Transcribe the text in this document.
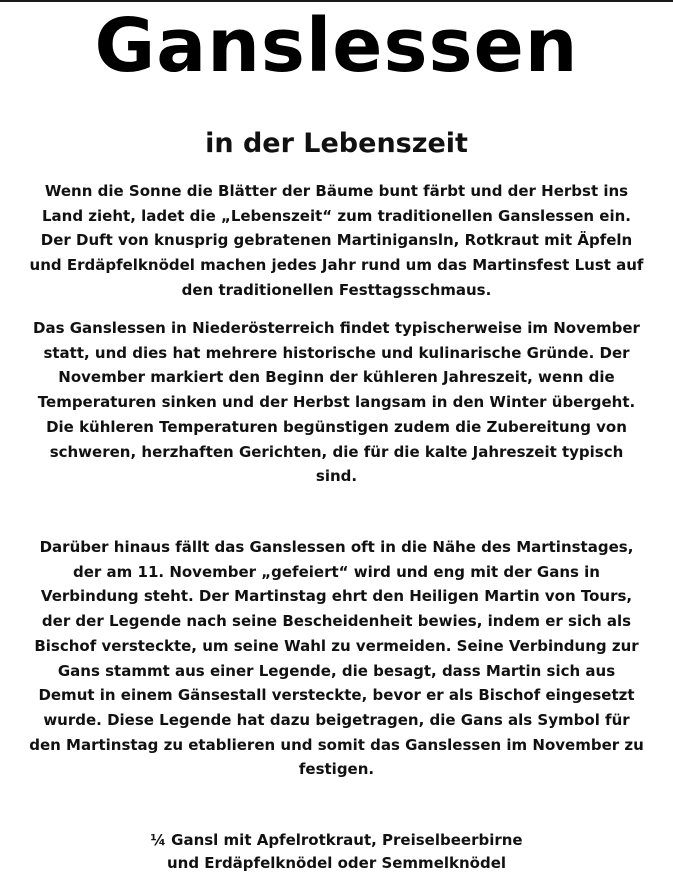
Ganslessen
in der Lebenszeit

Wenn die Sonne die Blätter der Bäume bunt färbt und der Herbst ins Land zieht, ladet die „Lebenszeit“ zum traditionellen Ganslessen ein. Der Duft von knusprig gebratenen Martinigansln, Rotkraut mit Äpfeln und Erdäpfelknödel machen jedes Jahr rund um das Martinsfest Lust auf den traditionellen Festtagsschmaus.

Das Ganslessen in Niederösterreich findet typischerweise im November statt, und dies hat mehrere historische und kulinarische Gründe. Der November markiert den Beginn der kühleren Jahreszeit, wenn die Temperaturen sinken und der Herbst langsam in den Winter übergeht. Die kühleren Temperaturen begünstigen zudem die Zubereitung von schweren, herzhaften Gerichten, die für die kalte Jahreszeit typisch sind.

Darüber hinaus fällt das Ganslessen oft in die Nähe des Martinstages, der am 11. November „gefeiert“ wird und eng mit der Gans in Verbindung steht. Der Martinstag ehrt den Heiligen Martin von Tours, der der Legende nach seine Bescheidenheit bewies, indem er sich als Bischof versteckte, um seine Wahl zu vermeiden. Seine Verbindung zur Gans stammt aus einer Legende, die besagt, dass Martin sich aus Demut in einem Gänsestall versteckte, bevor er als Bischof eingesetzt wurde. Diese Legende hat dazu beigetragen, die Gans als Symbol für den Martinstag zu etablieren und somit das Ganslessen im November zu festigen.

¼ Gansl mit Apfelrotkraut, Preiselbeerbirne
und Erdäpfelknödel oder Semmelknödel
